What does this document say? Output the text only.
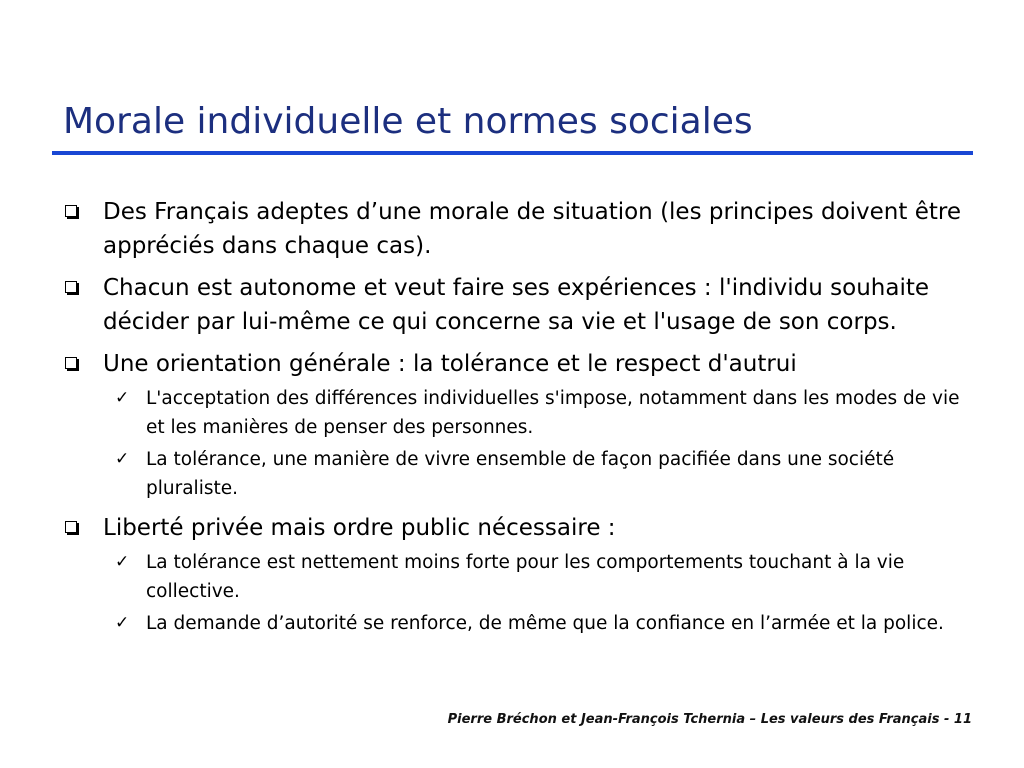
Morale individuelle et normes sociales
Des Français adeptes d’une morale de situation (les principes doivent être appréciés dans chaque cas).
Chacun est autonome et veut faire ses expériences : l'individu souhaite décider par lui-même ce qui concerne sa vie et l'usage de son corps.
Une orientation générale : la tolérance et le respect d'autrui
✓ L'acceptation des différences individuelles s'impose, notamment dans les modes de vie et les manières de penser des personnes.
✓ La tolérance, une manière de vivre ensemble de façon pacifiée dans une société pluraliste.
Liberté privée mais ordre public nécessaire :
✓ La tolérance est nettement moins forte pour les comportements touchant à la vie collective.
✓ La demande d’autorité se renforce, de même que la confiance en l’armée et la police.
Pierre Bréchon et Jean-François Tchernia – Les valeurs des Français - 11
